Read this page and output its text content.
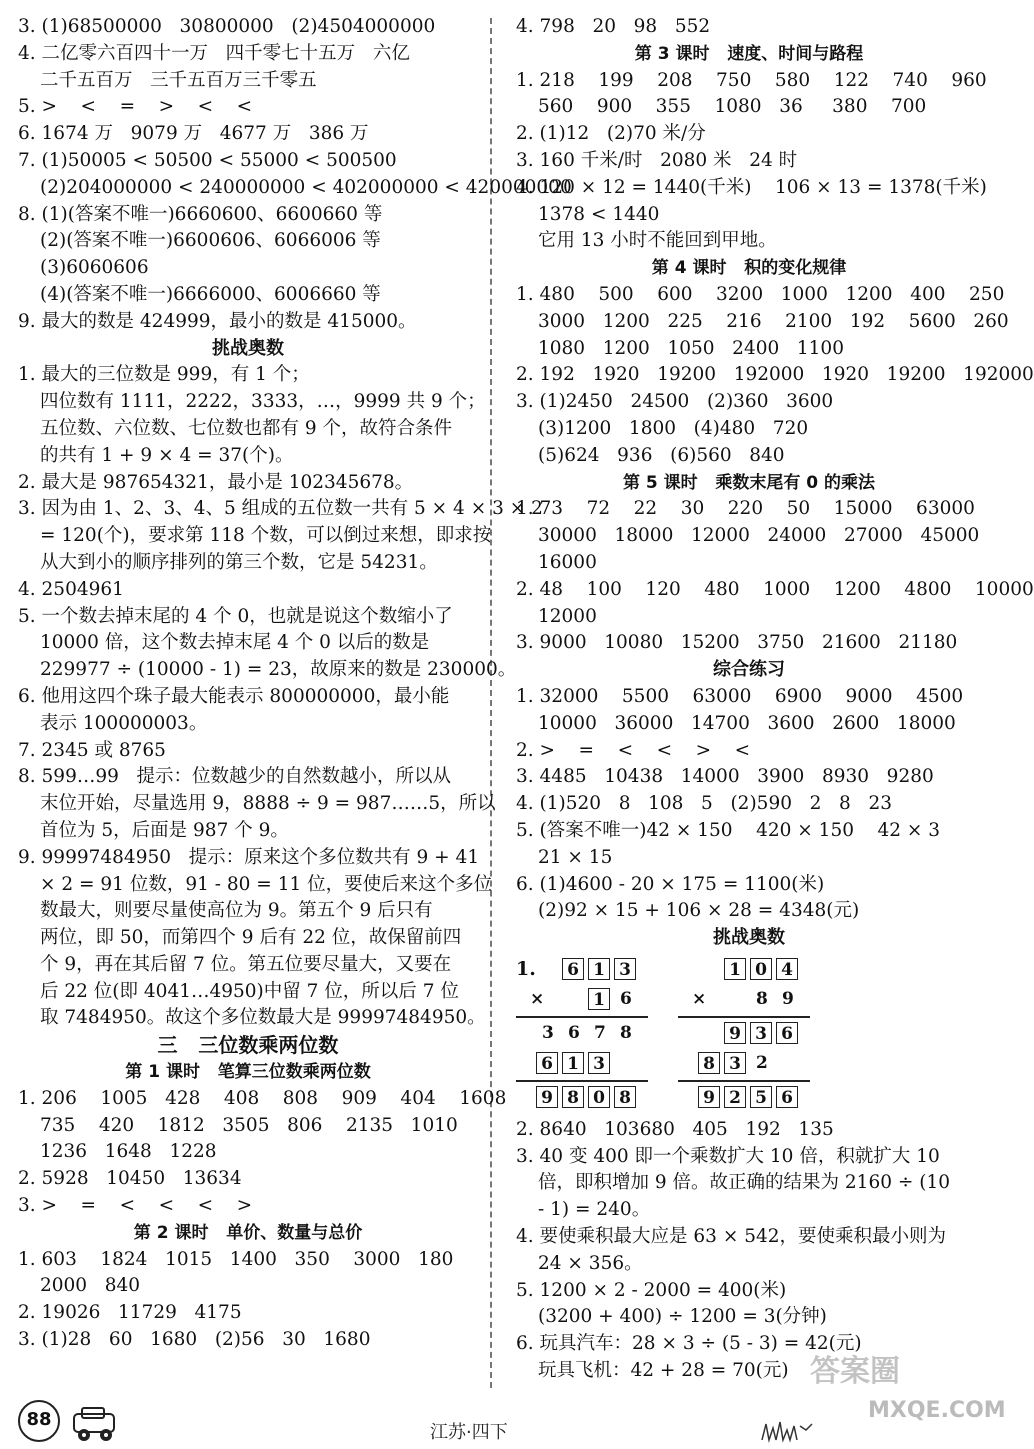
3. (1)68500000   30800000   (2)4504000000
4. 二亿零六百四十一万   四千零七十五万   六亿
二千五百万   三千五百万三千零五
5. >    <    =    >    <    <
6. 1674 万   9079 万   4677 万   386 万
7. (1)50005 < 50500 < 55000 < 500500
(2)204000000 < 240000000 < 402000000 < 420000000
8. (1)(答案不唯一)6660600、6600660 等
(2)(答案不唯一)6600606、6066006 等
(3)6060606
(4)(答案不唯一)6666000、6006660 等
9. 最大的数是 424999，最小的数是 415000。
挑战奥数
1. 最大的三位数是 999，有 1 个；
四位数有 1111，2222，3333，…，9999 共 9 个；
五位数、六位数、七位数也都有 9 个，故符合条件
的共有 1 + 9 × 4 = 37(个)。
2. 最大是 987654321，最小是 102345678。
3. 因为由 1、2、3、4、5 组成的五位数一共有 5 × 4 × 3 × 2
= 120(个)，要求第 118 个数，可以倒过来想，即求按
从大到小的顺序排列的第三个数，它是 54231。
4. 2504961
5. 一个数去掉末尾的 4 个 0，也就是说这个数缩小了
10000 倍，这个数去掉末尾 4 个 0 以后的数是
229977 ÷ (10000 - 1) = 23，故原来的数是 230000。
6. 他用这四个珠子最大能表示 800000000，最小能
表示 100000003。
7. 2345 或 8765
8. 599…99   提示：位数越少的自然数越小，所以从
末位开始，尽量选用 9，8888 ÷ 9 = 987……5，所以
首位为 5，后面是 987 个 9。
9. 99997484950   提示：原来这个多位数共有 9 + 41
× 2 = 91 位数，91 - 80 = 11 位，要使后来这个多位
数最大，则要尽量使高位为 9。第五个 9 后只有
两位，即 50，而第四个 9 后有 22 位，故保留前四
个 9，再在其后留 7 位。第五位要尽量大，又要在
后 22 位(即 4041…4950)中留 7 位，所以后 7 位
取 7484950。故这个多位数最大是 99997484950。
三   三位数乘两位数
第 1 课时   笔算三位数乘两位数
1. 206    1005   428    408    808    909    404    1608
735    420    1812   3505   806    2135   1010
1236   1648   1228
2. 5928   10450   13634
3. >    =    <    <    <    >
第 2 课时   单价、数量与总价
1. 603    1824   1015   1400   350    3000   180
2000   840
2. 19026   11729   4175
3. (1)28   60   1680   (2)56   30   1680
4. 798   20   98   552
第 3 课时   速度、时间与路程
1. 218    199    208    750    580    122    740    960
560    900    355    1080   36     380    700
2. (1)12   (2)70 米/分
3. 160 千米/时   2080 米   24 时
4. 120 × 12 = 1440(千米)    106 × 13 = 1378(千米)
1378 < 1440
它用 13 小时不能回到甲地。
第 4 课时   积的变化规律
1. 480    500    600    3200   1000   1200   400    250
3000   1200   225    216    2100   192    5600   260
1080   1200   1050   2400   1100
2. 192   1920   19200   192000   1920   19200   192000
3. (1)2450   24500   (2)360   3600
(3)1200   1800   (4)480   720
(5)624   936   (6)560   840
第 5 课时   乘数末尾有 0 的乘法
1. 73    72    22    30    220    50    15000    63000
30000   18000   12000   24000   27000   45000
16000
2. 48    100    120    480    1000    1200    4800    10000
12000
3. 9000   10080   15200   3750   21600   21180
综合练习
1. 32000    5500    63000    6900    9000    4500
10000   36000   14700   3600   2600   18000
2. >    =    <    <    >    <
3. 4485   10438   14000   3900   8930   9280
4. (1)520   8   108   5   (2)590   2   8   23
5. (答案不唯一)42 × 150    420 × 150    42 × 3
21 × 15
6. (1)4600 - 20 × 175 = 1100(米)
(2)92 × 15 + 106 × 28 = 4348(元)
挑战奥数
1. 6 1 3
×	1 6
3 6 7 8
6 1 3
9 8 0 8
1 0 4
×	8 9
9 3 6
8 3 2
9 2 5 6
2. 8640   103680   405   192   135
3. 40 变 400 即一个乘数扩大 10 倍，积就扩大 10
倍，即积增加 9 倍。故正确的结果为 2160 ÷ (10
- 1) = 240。
4. 要使乘积最大应是 63 × 542，要使乘积最小则为
24 × 356。
5. 1200 × 2 - 2000 = 400(米)
(3200 + 400) ÷ 1200 = 3(分钟)
6. 玩具汽车：28 × 3 ÷ (5 - 3) = 42(元)
玩具飞机：42 + 28 = 70(元) 答案圈
MXQE.COM
88
江苏·四下
